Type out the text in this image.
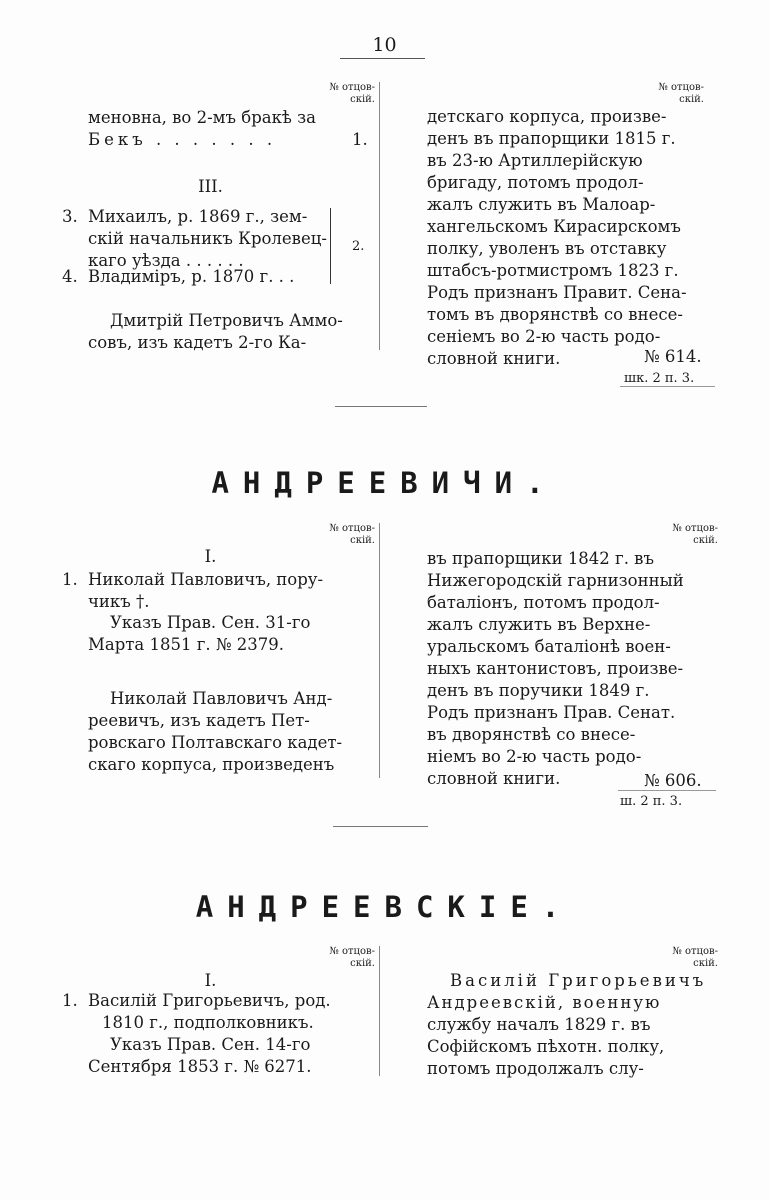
10
№ отцов-
скій.
№ отцов-
скій.
меновна, во 2-мъ бракѣ за
Бекъ . . . . . . .	1.
III.
3. Михаилъ, р. 1869 г., зем-
скій начальникъ Кролевец-
каго уѣзда . . . . . .
4. Владиміръ, р. 1870 г. . .
2.
Дмитрій Петровичъ Аммо-
совъ, изъ кадетъ 2-го Ка-
детскаго корпуса, произве-
денъ въ прапорщики 1815 г.
въ 23-ю Артиллерійскую
бригаду, потомъ продол-
жалъ служить въ Малоар-
хангельскомъ Кирасирскомъ
полку, уволенъ въ отставку
штабсъ-ротмистромъ 1823 г.
Родъ признанъ Правит. Сена-
томъ въ дворянствѣ со внесе-
сеніемъ во 2-ю часть родо-
словной книги.	№ 614.
шк. 2 п. 3.
АНДРЕЕВИЧИ.
№ отцов-
скій.
№ отцов-
скій.
I.
1. Николай Павловичъ, пору-
чикъ †.
Указъ Прав. Сен. 31-го
Марта 1851 г. № 2379.
Николай Павловичъ Анд-
реевичъ, изъ кадетъ Пет-
ровскаго Полтавскаго кадет-
скаго корпуса, произведенъ
въ прапорщики 1842 г. въ
Нижегородскій гарнизонный
баталіонъ, потомъ продол-
жалъ служить въ Верхне-
уральскомъ баталіонѣ воен-
ныхъ кантонистовъ, произве-
денъ въ поручики 1849 г.
Родъ признанъ Прав. Сенат.
въ дворянствѣ со внесе-
ніемъ во 2-ю часть родо-
словной книги.	№ 606.
ш. 2 п. 3.
АНДРЕЕВСКІЕ.
№ отцов-
скій.
№ отцов-
скій.
I.
1. Василій Григорьевичъ, род.
1810 г., подполковникъ.
Указъ Прав. Сен. 14-го
Сентября 1853 г. № 6271.
Василій Григорьевичъ
Андреевскій, военную
службу началъ 1829 г. въ
Софійскомъ пѣхотн. полку,
потомъ продолжалъ слу-
